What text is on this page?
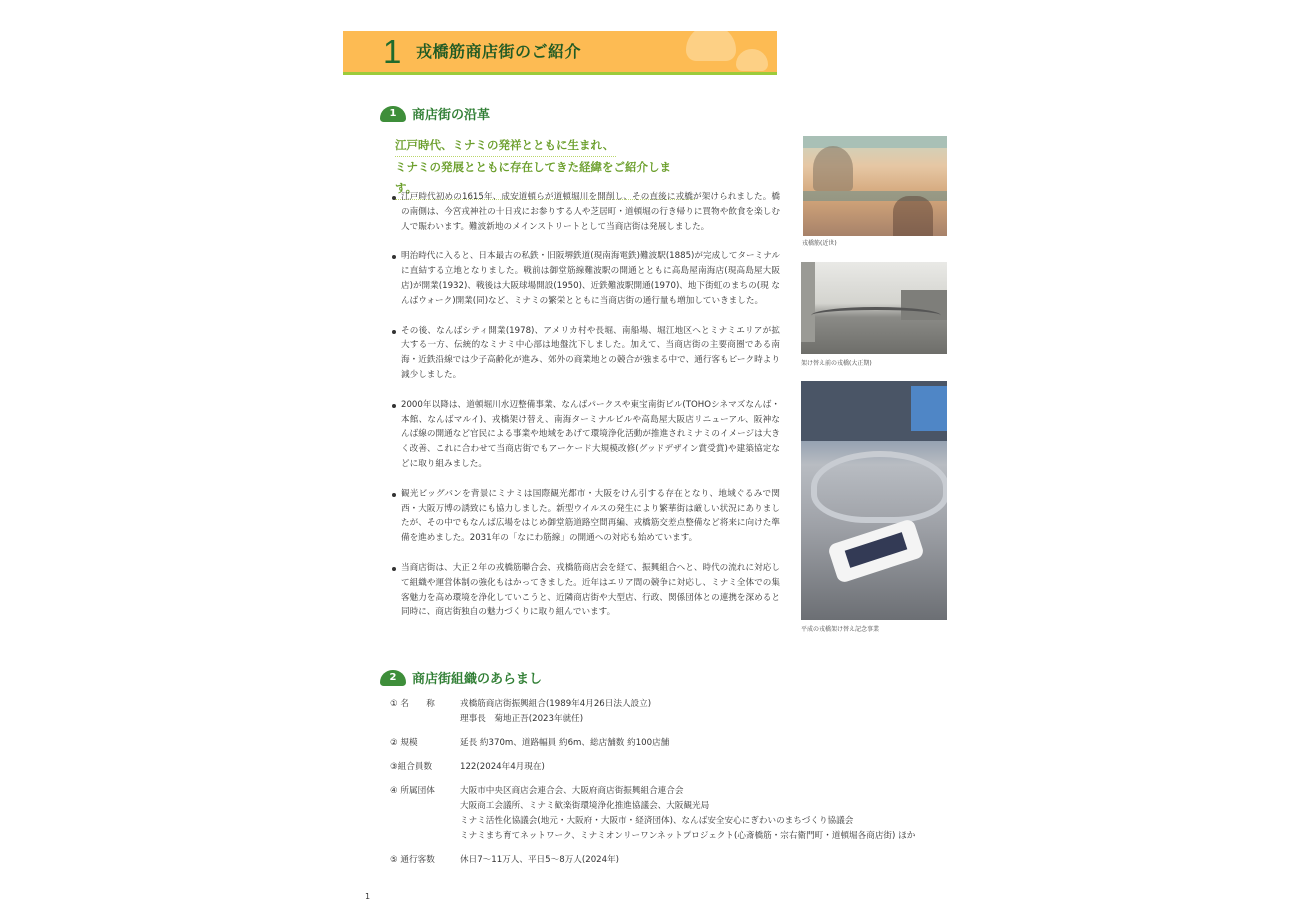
1 戎橋筋商店街のご紹介
1	商店街の沿革
江戸時代、ミナミの発祥とともに生まれ、
ミナミの発展とともに存在してきた経緯をご紹介します。
江戸時代初めの1615年、成安道頓らが道頓堀川を開削し、その直後に戎橋が架けられました。橋の南側は、今宮戎神社の十日戎にお参りする人や芝居町・道頓堀の行き帰りに買物や飲食を楽しむ人で賑わいます。難波新地のメインストリートとして当商店街は発展しました。
明治時代に入ると、日本最古の私鉄・旧阪堺鉄道(現南海電鉄)難波駅(1885)が完成してターミナルに直結する立地となりました。戦前は御堂筋線難波駅の開通とともに高島屋南海店(現高島屋大阪店)が開業(1932)、戦後は大阪球場開設(1950)、近鉄難波駅開通(1970)、地下街虹のまちの(現 なんばウォーク)開業(同)など、ミナミの繁栄とともに当商店街の通行量も増加していきました。
その後、なんばシティ開業(1978)、アメリカ村や長堀、南船場、堀江地区へとミナミエリアが拡大する一方、伝統的なミナミ中心部は地盤沈下しました。加えて、当商店街の主要商圏である南海・近鉄沿線では少子高齢化が進み、郊外の商業地との競合が強まる中で、通行客もピーク時より減少しました。
2000年以降は、道頓堀川水辺整備事業、なんばパークスや東宝南街ビル(TOHOシネマズなんば・本館、なんばマルイ)、戎橋架け替え、南海ターミナルビルや高島屋大阪店リニューアル、阪神なんば線の開通など官民による事業や地域をあげて環境浄化活動が推進されミナミのイメージは大きく改善、これに合わせて当商店街でもアーケード大規模改修(グッドデザイン賞受賞)や建築協定などに取り組みました。
観光ビッグバンを背景にミナミは国際観光都市・大阪をけん引する存在となり、地域ぐるみで関西・大阪万博の誘致にも協力しました。新型ウイルスの発生により繁華街は厳しい状況にありましたが、その中でもなんば広場をはじめ御堂筋道路空間再編、戎橋筋交差点整備など将来に向けた準備を進めました。2031年の「なにわ筋線」の開通への対応も始めています。
当商店街は、大正２年の戎橋筋聯合会、戎橋筋商店会を経て、振興組合へと、時代の流れに対応して組織や運営体制の強化もはかってきました。近年はエリア間の競争に対応し、ミナミ全体での集客魅力を高め環境を浄化していこうと、近隣商店街や大型店、行政、関係団体との連携を深めると同時に、商店街独自の魅力づくりに取り組んでいます。
戎橋筋(近世)
架け替え前の戎橋(大正期)
平成の戎橋架け替え記念事業
2	商店街組織のあらまし
① 名　　称	戎橋筋商店街振興組合(1989年4月26日法人設立)
理事長　菊地正吾(2023年就任)
② 規模	延長 約370m、道路幅員 約6m、総店舗数 約100店舗
③組合員数	122(2024年4月現在)
④ 所属団体	大阪市中央区商店会連合会、大阪府商店街振興組合連合会
大阪商工会議所、ミナミ歓楽街環境浄化推進協議会、大阪観光局
ミナミ活性化協議会(地元・大阪府・大阪市・経済団体)、なんば安全安心にぎわいのまちづくり協議会
ミナミまち育てネットワーク、ミナミオンリーワンネットプロジェクト(心斎橋筋・宗右衛門町・道頓堀各商店街) ほか
⑤ 通行客数	休日7〜11万人、平日5〜8万人(2024年)
1
